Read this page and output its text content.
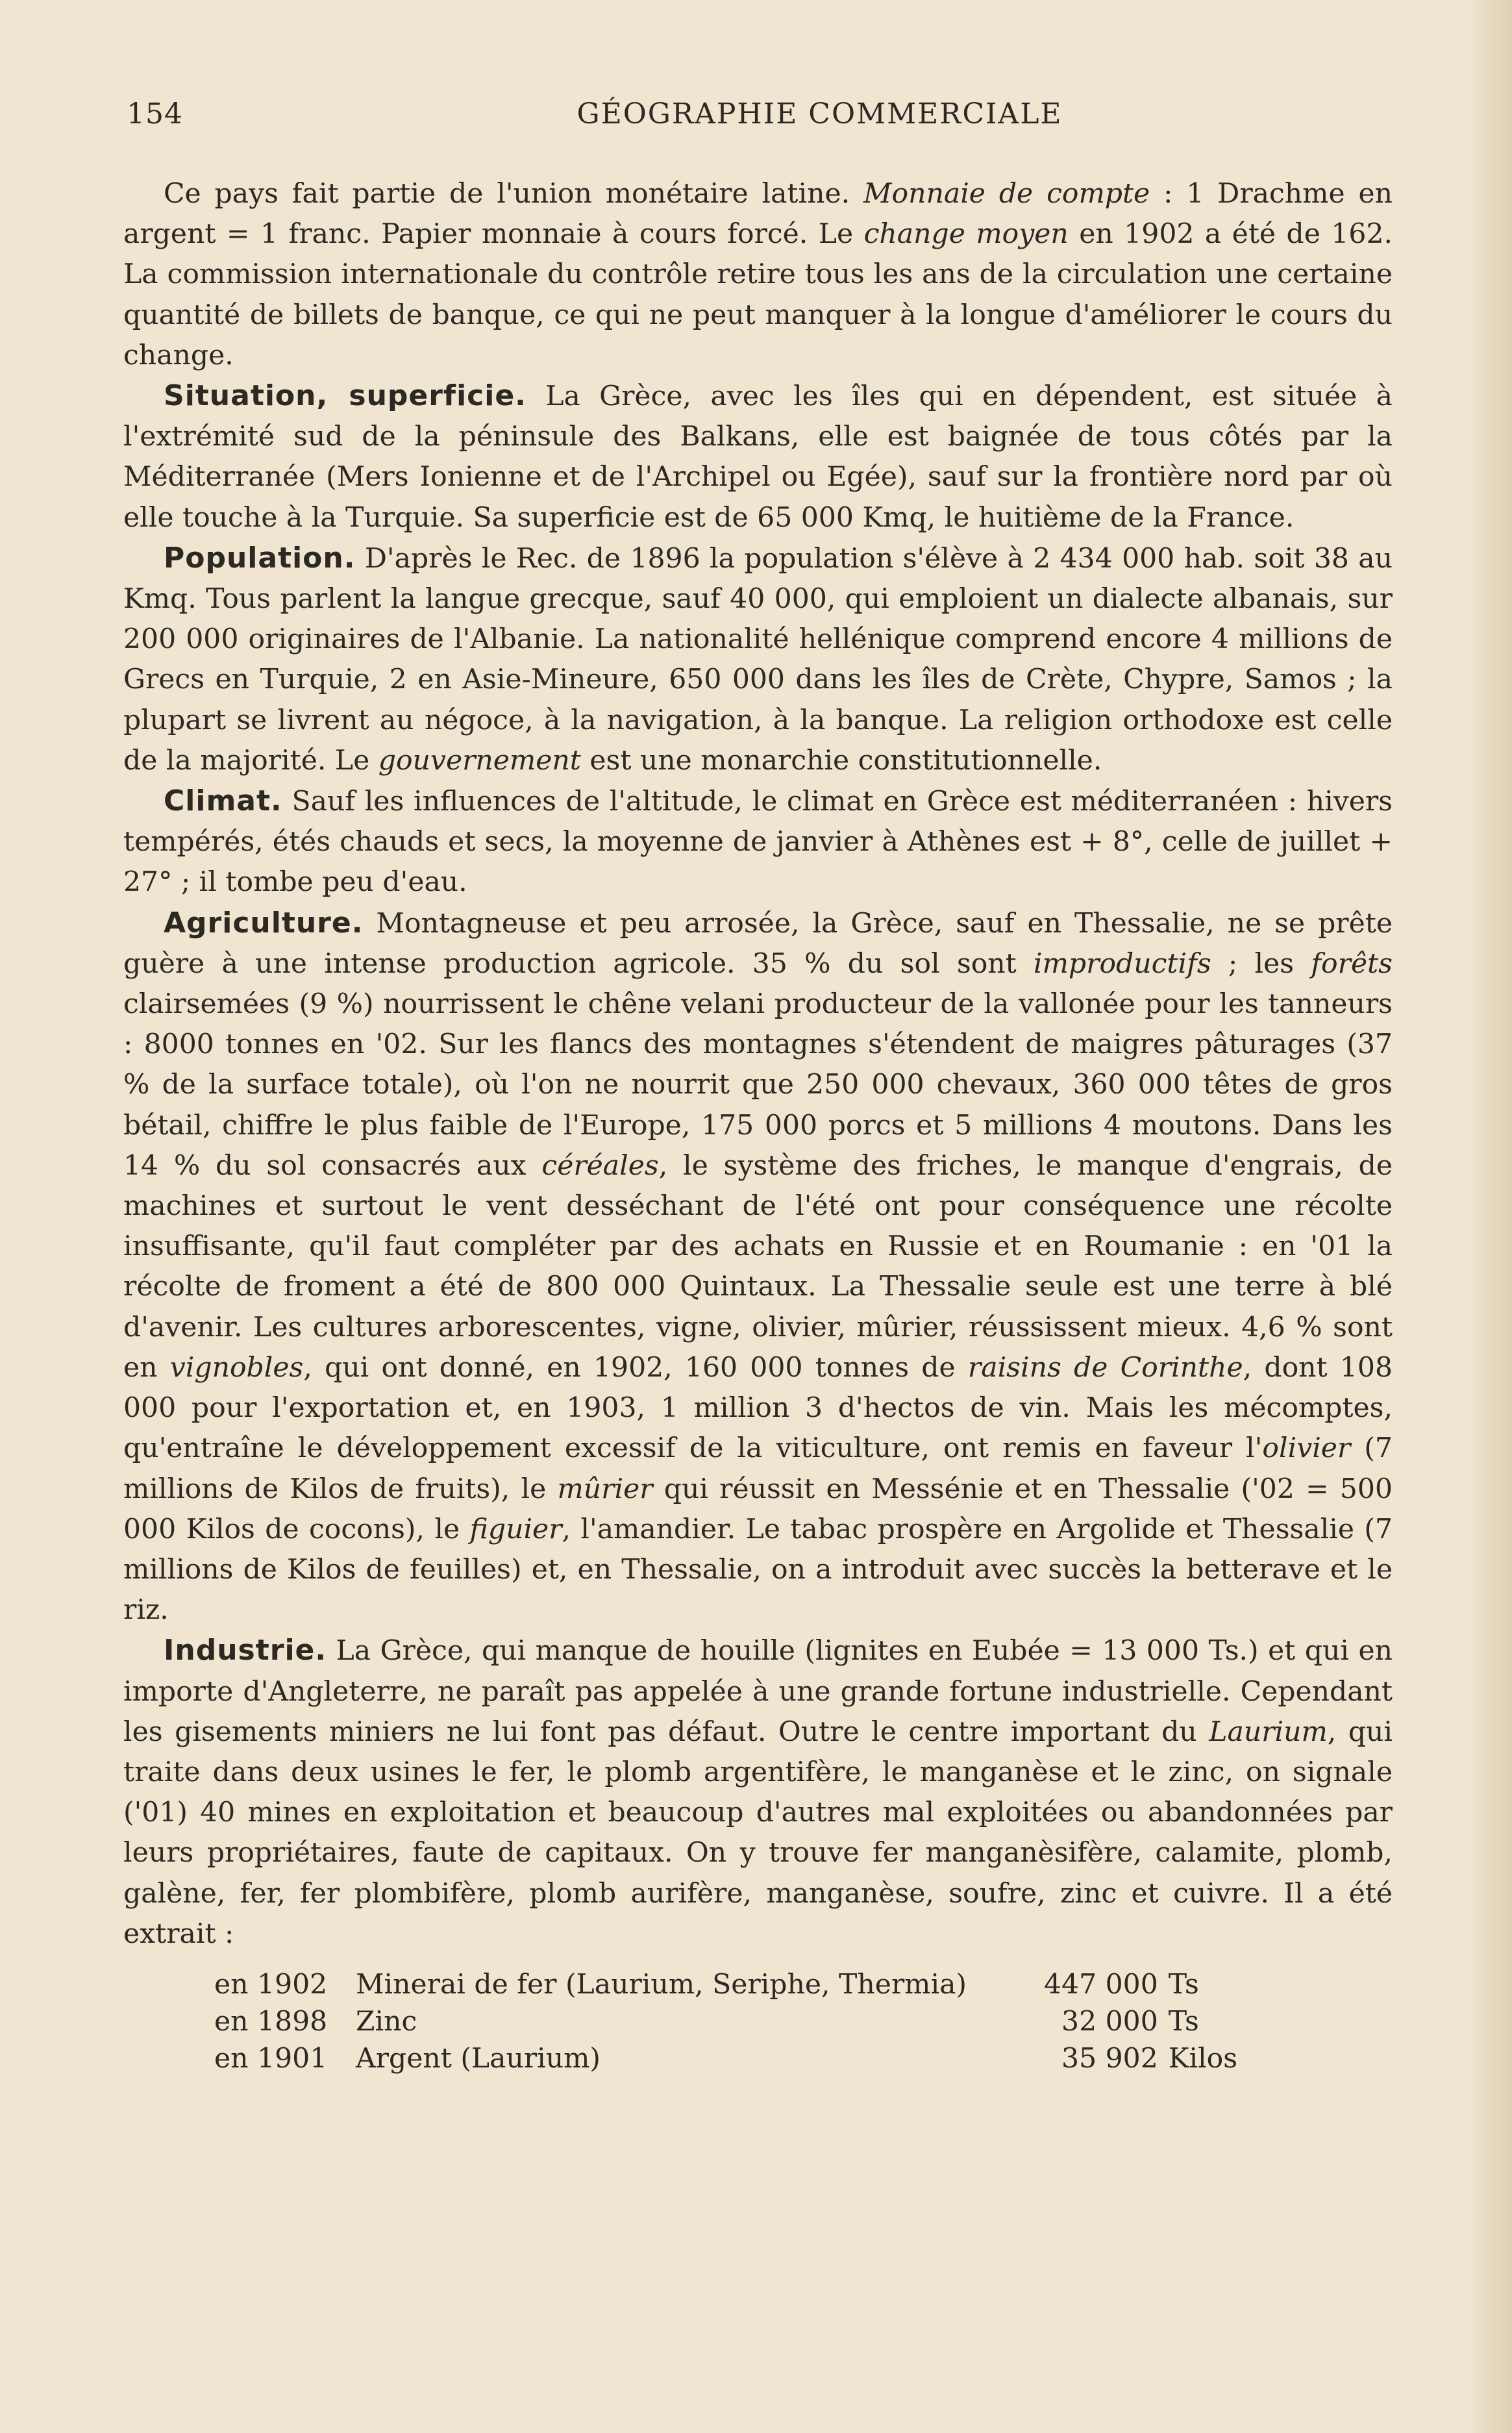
154	GÉOGRAPHIE COMMERCIALE

Ce pays fait partie de l'union monétaire latine. Monnaie de compte : 1 Drachme en argent = 1 franc. Papier monnaie à cours forcé. Le change moyen en 1902 a été de 162. La commission internationale du contrôle retire tous les ans de la circulation une certaine quantité de billets de banque, ce qui ne peut manquer à la longue d'améliorer le cours du change.

Situation, superficie. La Grèce, avec les îles qui en dépendent, est située à l'extrémité sud de la péninsule des Balkans, elle est baignée de tous côtés par la Méditerranée (Mers Ionienne et de l'Archipel ou Egée), sauf sur la frontière nord par où elle touche à la Turquie. Sa superficie est de 65 000 Kmq, le huitième de la France.

Population. D'après le Rec. de 1896 la population s'élève à 2 434 000 hab. soit 38 au Kmq. Tous parlent la langue grecque, sauf 40 000, qui emploient un dialecte albanais, sur 200 000 originaires de l'Albanie. La nationalité hellénique comprend encore 4 millions de Grecs en Turquie, 2 en Asie-Mineure, 650 000 dans les îles de Crète, Chypre, Samos ; la plupart se livrent au négoce, à la navigation, à la banque. La religion orthodoxe est celle de la majorité. Le gouvernement est une monarchie constitutionnelle.

Climat. Sauf les influences de l'altitude, le climat en Grèce est méditerranéen : hivers tempérés, étés chauds et secs, la moyenne de janvier à Athènes est + 8°, celle de juillet + 27° ; il tombe peu d'eau.

Agriculture. Montagneuse et peu arrosée, la Grèce, sauf en Thessalie, ne se prête guère à une intense production agricole. 35 % du sol sont improductifs ; les forêts clairsemées (9 %) nourrissent le chêne velani producteur de la vallonée pour les tanneurs : 8000 tonnes en '02. Sur les flancs des montagnes s'étendent de maigres pâturages (37 % de la surface totale), où l'on ne nourrit que 250 000 chevaux, 360 000 têtes de gros bétail, chiffre le plus faible de l'Europe, 175 000 porcs et 5 millions 4 moutons. Dans les 14 % du sol consacrés aux céréales, le système des friches, le manque d'engrais, de machines et surtout le vent desséchant de l'été ont pour conséquence une récolte insuffisante, qu'il faut compléter par des achats en Russie et en Roumanie : en '01 la récolte de froment a été de 800 000 Quintaux. La Thessalie seule est une terre à blé d'avenir. Les cultures arborescentes, vigne, olivier, mûrier, réussissent mieux. 4,6 % sont en vignobles, qui ont donné, en 1902, 160 000 tonnes de raisins de Corinthe, dont 108 000 pour l'exportation et, en 1903, 1 million 3 d'hectos de vin. Mais les mécomptes, qu'entraîne le développement excessif de la viticulture, ont remis en faveur l'olivier (7 millions de Kilos de fruits), le mûrier qui réussit en Messénie et en Thessalie ('02 = 500 000 Kilos de cocons), le figuier, l'amandier. Le tabac prospère en Argolide et Thessalie (7 millions de Kilos de feuilles) et, en Thessalie, on a introduit avec succès la betterave et le riz.

Industrie. La Grèce, qui manque de houille (lignites en Eubée = 13 000 Ts.) et qui en importe d'Angleterre, ne paraît pas appelée à une grande fortune industrielle. Cependant les gisements miniers ne lui font pas défaut. Outre le centre important du Laurium, qui traite dans deux usines le fer, le plomb argentifère, le manganèse et le zinc, on signale ('01) 40 mines en exploitation et beaucoup d'autres mal exploitées ou abandonnées par leurs propriétaires, faute de capitaux. On y trouve fer manganèsifère, calamite, plomb, galène, fer, fer plombifère, plomb aurifère, manganèse, soufre, zinc et cuivre. Il a été extrait :

en 1902	Minerai de fer (Laurium, Seriphe, Thermia)	447 000	Ts
en 1898	Zinc	32 000	Ts
en 1901	Argent (Laurium)	35 902	Kilos
